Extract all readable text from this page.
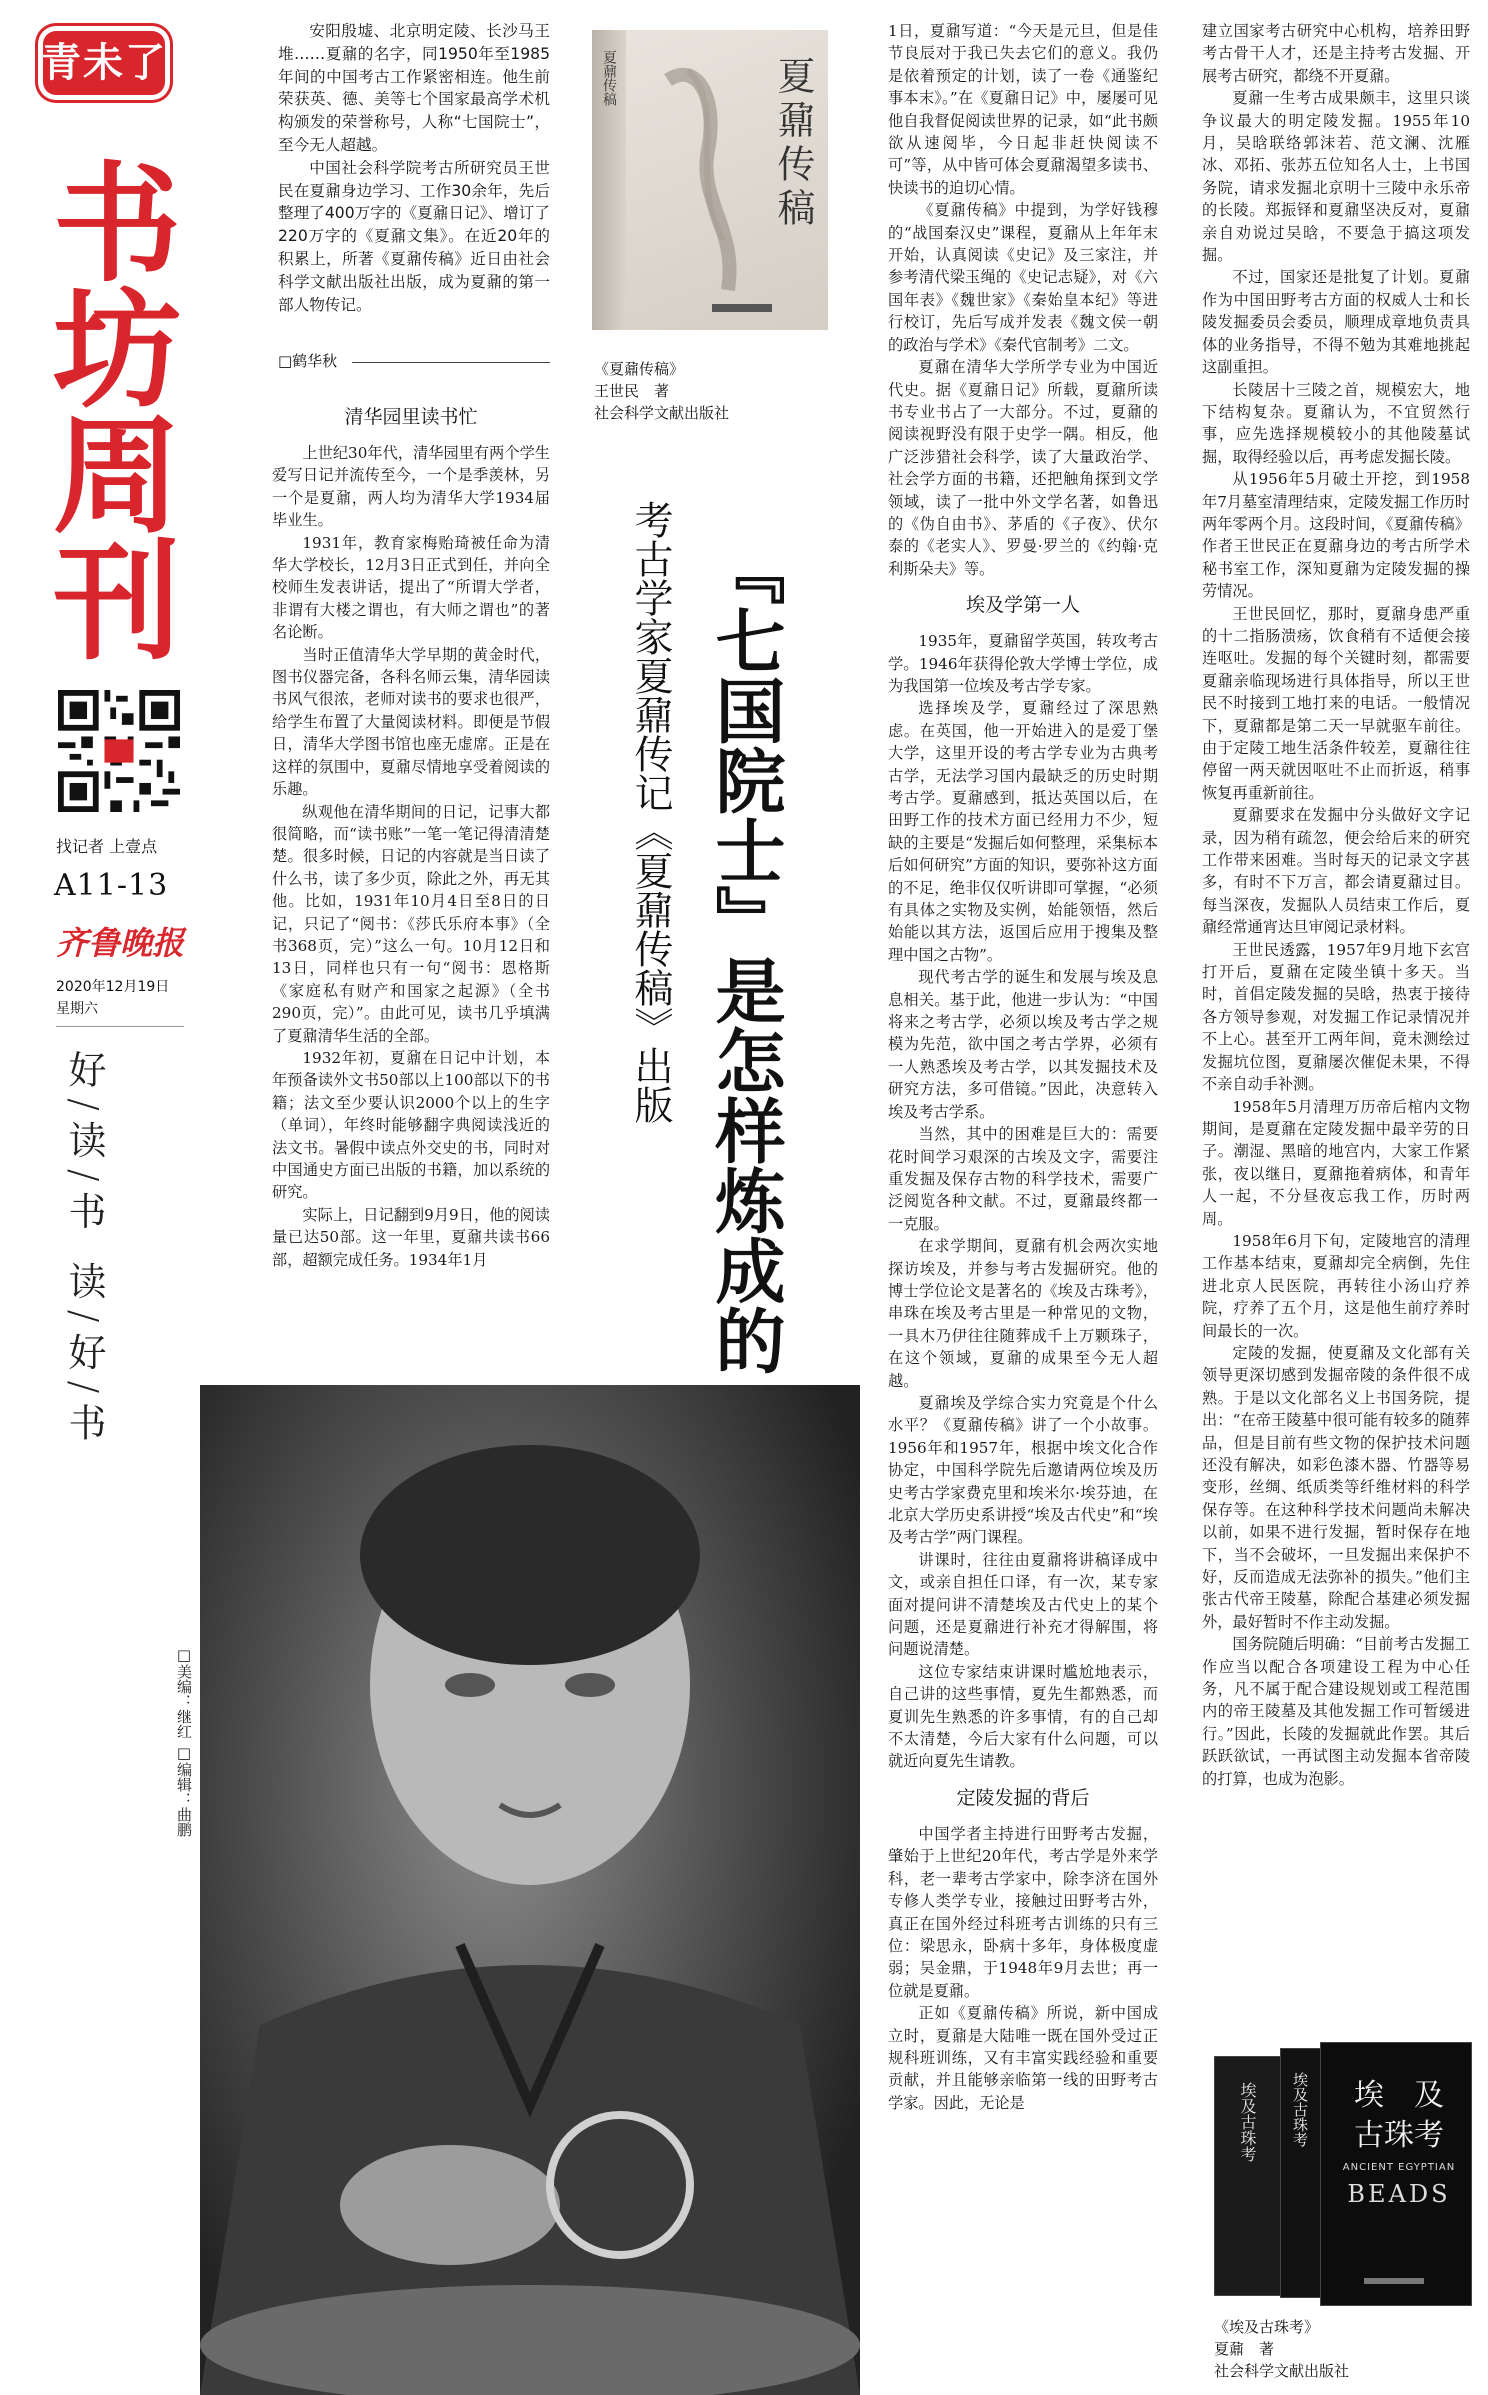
青未了
书坊周刊
找记者 上壹点
A11-13
齐鲁晚报
2020年12月19日
星期六
好/读/书 读/好/书
□美编：继红 □编辑：曲鹏

安阳殷墟、北京明定陵、长沙马王堆……夏鼐的名字，同1950年至1985年间的中国考古工作紧密相连。他生前荣获英、德、美等七个国家最高学术机构颁发的荣誉称号，人称“七国院士”，至今无人超越。

中国社会科学院考古所研究员王世民在夏鼐身边学习、工作30余年，先后整理了400万字的《夏鼐日记》、增订了220万字的《夏鼐文集》。在近20年的积累上，所著《夏鼐传稿》近日由社会科学文献出版社出版，成为夏鼐的第一部人物传记。

□鹤华秋
夏鼐传稿	夏鼐传稿
《夏鼐传稿》
王世民　著
社会科学文献出版社
『七国院士』是怎样炼成的
考古学家夏鼐传记《夏鼐传稿》出版
清华园里读书忙

上世纪30年代，清华园里有两个学生爱写日记并流传至今，一个是季羡林，另一个是夏鼐，两人均为清华大学1934届毕业生。

1931年，教育家梅贻琦被任命为清华大学校长，12月3日正式到任，并向全校师生发表讲话，提出了“所谓大学者，非谓有大楼之谓也，有大师之谓也”的著名论断。

当时正值清华大学早期的黄金时代，图书仪器完备，各科名师云集，清华园读书风气很浓，老师对读书的要求也很严，给学生布置了大量阅读材料。即便是节假日，清华大学图书馆也座无虚席。正是在这样的氛围中，夏鼐尽情地享受着阅读的乐趣。

纵观他在清华期间的日记，记事大都很简略，而“读书账”一笔一笔记得清清楚楚。很多时候，日记的内容就是当日读了什么书，读了多少页，除此之外，再无其他。比如，1931年10月4日至8日的日记，只记了“阅书：《莎氏乐府本事》（全书368页，完）”这么一句。10月12日和13日，同样也只有一句“阅书：恩格斯《家庭私有财产和国家之起源》（全书290页，完）”。由此可见，读书几乎填满了夏鼐清华生活的全部。

1932年初，夏鼐在日记中计划，本年预备读外文书50部以上100部以下的书籍；法文至少要认识2000个以上的生字（单词），年终时能够翻字典阅读浅近的法文书。暑假中读点外交史的书，同时对中国通史方面已出版的书籍，加以系统的研究。

实际上，日记翻到9月9日，他的阅读量已达50部。这一年里，夏鼐共读书66部，超额完成任务。1934年1月

1日，夏鼐写道：“今天是元旦，但是佳节良辰对于我已失去它们的意义。我仍是依着预定的计划，读了一卷《通鉴纪事本末》。”在《夏鼐日记》中，屡屡可见他自我督促阅读世界的记录，如“此书颇欲从速阅毕，今日起非赶快阅读不可”等，从中皆可体会夏鼐渴望多读书、快读书的迫切心情。

《夏鼐传稿》中提到，为学好钱穆的“战国秦汉史”课程，夏鼐从上年年末开始，认真阅读《史记》及三家注，并参考清代梁玉绳的《史记志疑》，对《六国年表》《魏世家》《秦始皇本纪》等进行校订，先后写成并发表《魏文侯一朝的政治与学术》《秦代官制考》二文。

夏鼐在清华大学所学专业为中国近代史。据《夏鼐日记》所载，夏鼐所读书专业书占了一大部分。不过，夏鼐的阅读视野没有限于史学一隅。相反，他广泛涉猎社会科学，读了大量政治学、社会学方面的书籍，还把触角探到文学领域，读了一批中外文学名著，如鲁迅的《伪自由书》、茅盾的《子夜》、伏尔泰的《老实人》、罗曼·罗兰的《约翰·克利斯朵夫》等。

埃及学第一人

1935年，夏鼐留学英国，转攻考古学。1946年获得伦敦大学博士学位，成为我国第一位埃及考古学专家。

选择埃及学，夏鼐经过了深思熟虑。在英国，他一开始进入的是爱丁堡大学，这里开设的考古学专业为古典考古学，无法学习国内最缺乏的历史时期考古学。夏鼐感到，抵达英国以后，在田野工作的技术方面已经用力不少，短缺的主要是“发掘后如何整理，采集标本后如何研究”方面的知识，要弥补这方面的不足，绝非仅仅听讲即可掌握，“必须有具体之实物及实例，始能领悟，然后始能以其方法，返国后应用于搜集及整理中国之古物”。

现代考古学的诞生和发展与埃及息息相关。基于此，他进一步认为：“中国将来之考古学，必须以埃及考古学之规模为先范，欲中国之考古学界，必须有一人熟悉埃及考古学，以其发掘技术及研究方法，多可借镜。”因此，决意转入埃及考古学系。

当然，其中的困难是巨大的：需要花时间学习艰深的古埃及文字，需要注重发掘及保存古物的科学技术，需要广泛阅览各种文献。不过，夏鼐最终都一一克服。

在求学期间，夏鼐有机会两次实地探访埃及，并参与考古发掘研究。他的博士学位论文是著名的《埃及古珠考》，串珠在埃及考古里是一种常见的文物，一具木乃伊往往随葬成千上万颗珠子，在这个领域，夏鼐的成果至今无人超越。

夏鼐埃及学综合实力究竟是个什么水平？《夏鼐传稿》讲了一个小故事。1956年和1957年，根据中埃文化合作协定，中国科学院先后邀请两位埃及历史考古学家费克里和埃米尔·埃芬迪，在北京大学历史系讲授“埃及古代史”和“埃及考古学”两门课程。

讲课时，往往由夏鼐将讲稿译成中文，或亲自担任口译，有一次，某专家面对提问讲不清楚埃及古代史上的某个问题，还是夏鼐进行补充才得解围，将问题说清楚。

这位专家结束讲课时尴尬地表示，自己讲的这些事情，夏先生都熟悉，而夏训先生熟悉的许多事情，有的自己却不太清楚，今后大家有什么问题，可以就近向夏先生请教。

定陵发掘的背后

中国学者主持进行田野考古发掘，肇始于上世纪20年代，考古学是外来学科，老一辈考古学家中，除李济在国外专修人类学专业，接触过田野考古外，真正在国外经过科班考古训练的只有三位：梁思永，卧病十多年，身体极度虚弱；吴金鼎，于1948年9月去世；再一位就是夏鼐。

正如《夏鼐传稿》所说，新中国成立时，夏鼐是大陆唯一既在国外受过正规科班训练，又有丰富实践经验和重要贡献，并且能够亲临第一线的田野考古学家。因此，无论是

建立国家考古研究中心机构，培养田野考古骨干人才，还是主持考古发掘、开展考古研究，都绕不开夏鼐。

夏鼐一生考古成果颇丰，这里只谈争议最大的明定陵发掘。1955年10月，吴晗联络郭沫若、范文澜、沈雁冰、邓拓、张苏五位知名人士，上书国务院，请求发掘北京明十三陵中永乐帝的长陵。郑振铎和夏鼐坚决反对，夏鼐亲自劝说过吴晗，不要急于搞这项发掘。

不过，国家还是批复了计划。夏鼐作为中国田野考古方面的权威人士和长陵发掘委员会委员，顺理成章地负责具体的业务指导，不得不勉为其难地挑起这副重担。

长陵居十三陵之首，规模宏大，地下结构复杂。夏鼐认为，不宜贸然行事，应先选择规模较小的其他陵墓试掘，取得经验以后，再考虑发掘长陵。

从1956年5月破土开挖，到1958年7月墓室清理结束，定陵发掘工作历时两年零两个月。这段时间，《夏鼐传稿》作者王世民正在夏鼐身边的考古所学术秘书室工作，深知夏鼐为定陵发掘的操劳情况。

王世民回忆，那时，夏鼐身患严重的十二指肠溃疡，饮食稍有不适便会接连呕吐。发掘的每个关键时刻，都需要夏鼐亲临现场进行具体指导，所以王世民不时接到工地打来的电话。一般情况下，夏鼐都是第二天一早就驱车前往。由于定陵工地生活条件较差，夏鼐往往停留一两天就因呕吐不止而折返，稍事恢复再重新前往。

夏鼐要求在发掘中分头做好文字记录，因为稍有疏忽，便会给后来的研究工作带来困难。当时每天的记录文字甚多，有时不下万言，都会请夏鼐过目。每当深夜，发掘队人员结束工作后，夏鼐经常通宵达旦审阅记录材料。

王世民透露，1957年9月地下玄宫打开后，夏鼐在定陵坐镇十多天。当时，首倡定陵发掘的吴晗，热衷于接待各方领导参观，对发掘工作记录情况并不上心。甚至开工两年间，竟未测绘过发掘坑位图，夏鼐屡次催促未果，不得不亲自动手补测。

1958年5月清理万历帝后棺内文物期间，是夏鼐在定陵发掘中最辛劳的日子。潮湿、黑暗的地宫内，大家工作紧张，夜以继日，夏鼐拖着病体，和青年人一起，不分昼夜忘我工作，历时两周。

1958年6月下旬，定陵地宫的清理工作基本结束，夏鼐却完全病倒，先住进北京人民医院，再转往小汤山疗养院，疗养了五个月，这是他生前疗养时间最长的一次。

定陵的发掘，使夏鼐及文化部有关领导更深切感到发掘帝陵的条件很不成熟。于是以文化部名义上书国务院，提出：“在帝王陵墓中很可能有较多的随葬品，但是目前有些文物的保护技术问题还没有解决，如彩色漆木器、竹器等易变形，丝绸、纸质类等纤维材料的科学保存等。在这种科学技术问题尚未解决以前，如果不进行发掘，暂时保存在地下，当不会破坏，一旦发掘出来保护不好，反而造成无法弥补的损失。”他们主张古代帝王陵墓，除配合基建必须发掘外，最好暂时不作主动发掘。

国务院随后明确：“目前考古发掘工作应当以配合各项建设工程为中心任务，凡不属于配合建设规划或工程范围内的帝王陵墓及其他发掘工作可暂缓进行。”因此，长陵的发掘就此作罢。其后跃跃欲试，一再试图主动发掘本省帝陵的打算，也成为泡影。

埃及古珠考 埃及古珠考	埃　及
古珠考
ANCIENT EGYPTIAN
BEADS
《埃及古珠考》
夏鼐　著
社会科学文献出版社
